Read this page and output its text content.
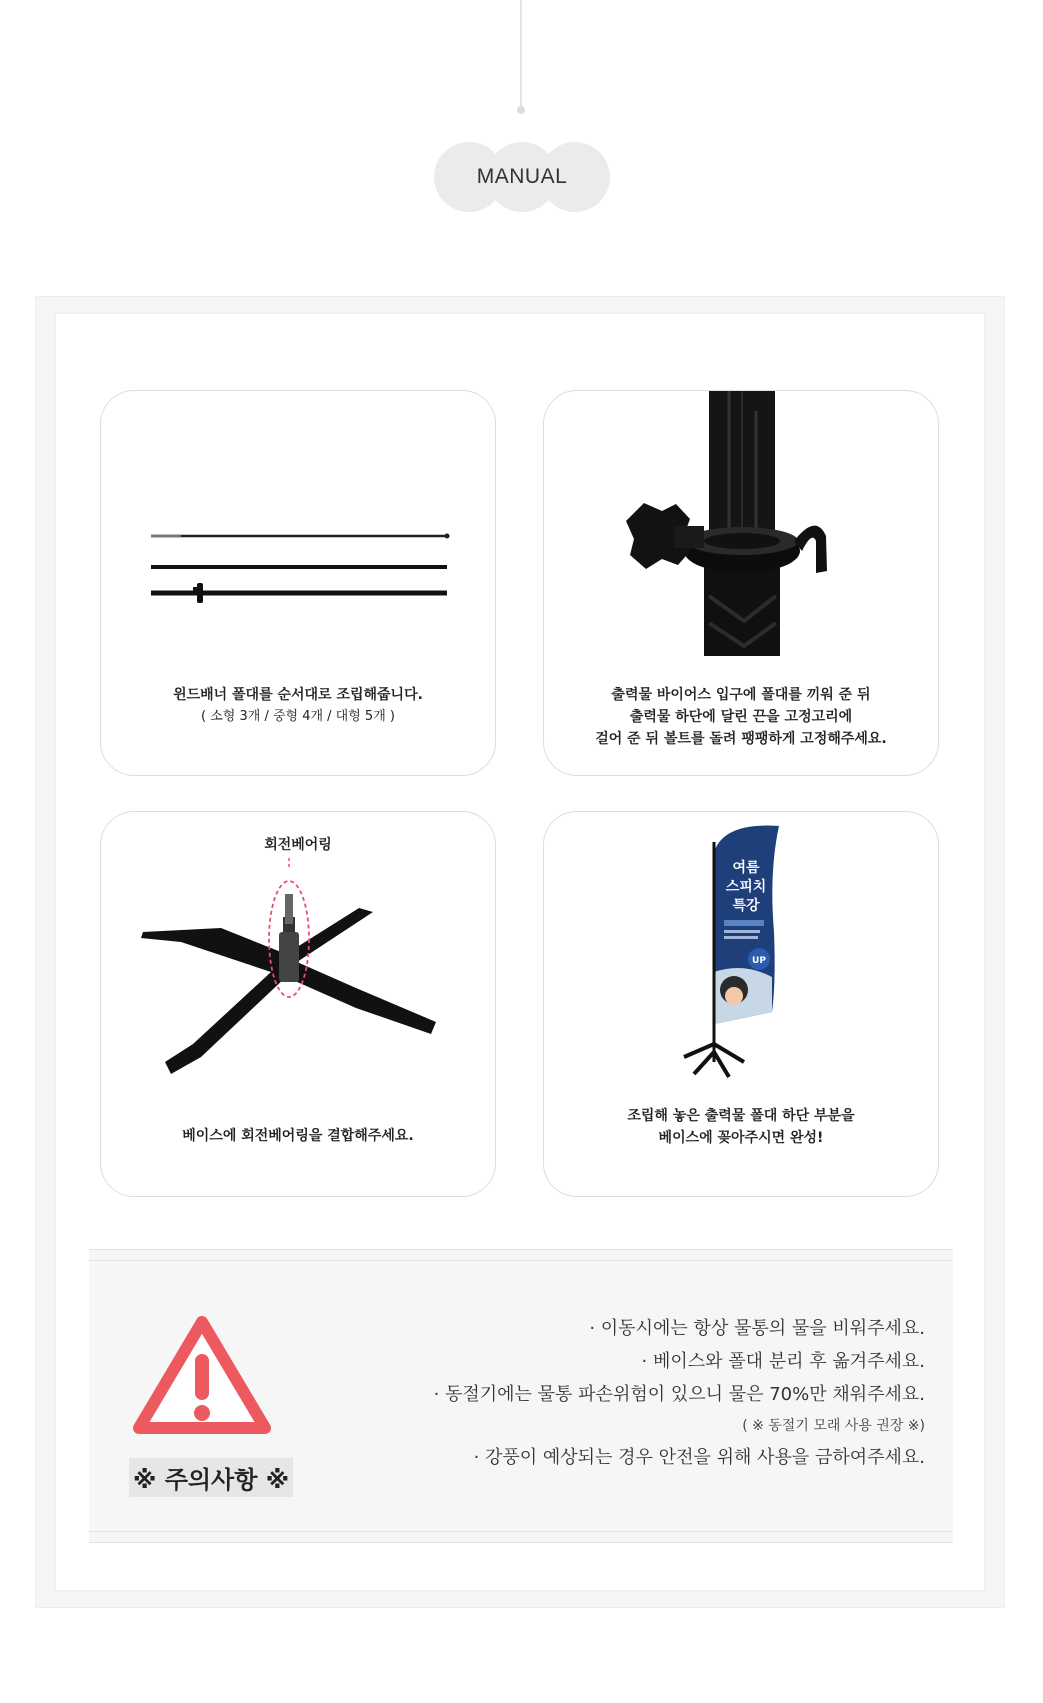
MANUAL
윈드배너 폴대를 순서대로 조립해줍니다.
( 소형 3개 / 중형 4개 / 대형 5개 )
출력물 바이어스 입구에 폴대를 끼워 준 뒤
출력물 하단에 달린 끈을 고정고리에
걸어 준 뒤 볼트를 돌려 팽팽하게 고정해주세요.
회전베어링
베이스에 회전베어링을 결합해주세요.
여름
스피치
특강
UP
조립해 놓은 출력물 폴대 하단 부분을
베이스에 꽂아주시면 완성!
※ 주의사항 ※
· 이동시에는 항상 물통의 물을 비워주세요.
· 베이스와 폴대 분리 후 옮겨주세요.
· 동절기에는 물통 파손위험이 있으니 물은 70%만 채워주세요.
( ※ 동절기 모래 사용 권장 ※)
· 강풍이 예상되는 경우 안전을 위해 사용을 금하여주세요.
